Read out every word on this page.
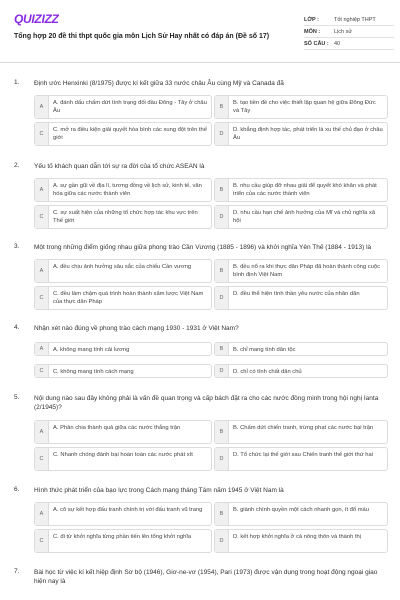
QUIZIZZ
Tổng hợp 20 đề thi thpt quốc gia môn Lịch Sử Hay nhất có đáp án (Đề số 17)
LỚP :	Tốt nghiệp THPT
MÔN :	Lịch sử
SỐ CÂU : 40
1. Định ước Henxinki (8/1975) được kí kết giữa 33 nước châu Âu cùng Mỹ và Canada đã
A
A. đánh dấu chấm dứt tình trạng đối đầu Đông - Tây ở châu Âu
B
B. tạo tiền đề cho việc thiết lập quan hệ giữa Đông Đức và Tây
C
C. mở ra điều kiện giải quyết hòa bình các xung đột trên thế giới
D
D. khẳng định hợp tác, phát triển là xu thế chủ đạo ở châu Âu
2. Yếu tố khách quan dẫn tới sự ra đời của tổ chức ASEAN là
A
A. sự gần gũi về địa lí, tương đồng về lịch sử, kinh tế, văn hóa giữa các nước thành viên
B
B. nhu cầu giúp đỡ nhau giải để quyết khó khăn và phát triển của các nước thành viên
C
C. sự xuất hiện của những tổ chức hợp tác khu vực trên Thế giới
D
D. nhu cầu hạn chế ảnh hưởng của Mĩ và chủ nghĩa xã hội
3. Một trong những điểm giống nhau giữa phong trào Cần Vương (1885 - 1896) và khởi nghĩa Yên Thế (1884 - 1913) là
A
A. đều chịu ảnh hưởng sâu sắc của chiếu Cần vương
B
B. đều nổ ra khi thực dân Pháp đã hoàn thành công cuộc bình định Việt Nam
C
C. đều làm chậm quá trình hoàn thành xâm lược Việt Nam của thực dân Pháp
D
D. đều thể hiện tính thần yêu nước của nhân dân
4. Nhận xét nào đúng về phong trào cách mạng 1930 - 1931 ở Việt Nam?
A	A. không mang tính cải lương	B	B. chỉ mang tính dân tộc
C	C. không mang tính cách mạng	D	D. chỉ có tính chất dân chủ
5. Nội dung nào sau đây không phải là vấn đề quan trọng và cấp bách đặt ra cho các nước đồng minh trong hội nghị Ianta (2/1945)?
A
A. Phân chia thành quả giữa các nước thắng trận
B
B. Chấm dứt chiến tranh, trừng phạt các nước bại trận
C
C. Nhanh chóng đánh bại hoàn toàn các nước phát xít
D
D. Tổ chức lại thế giới sau Chiến tranh thế giới thứ hai
6. Hình thức phát triển của bạo lực trong Cách mạng tháng Tám năm 1945 ở Việt Nam là
A
A. cô sự kết hợp đấu tranh chính trị với đấu tranh vũ trang
B
B. giành chính quyền một cách nhanh gọn, ít đổ máu
C
C. đi từ khởi nghĩa từng phần tiến lên tổng khởi nghĩa
D
D. kết hợp khởi nghĩa ở cả nông thôn và thành thị
7. Bài học từ việc kí kết hiệp định Sơ bộ (1946), Giơ-ne-vơ (1954), Pari (1973) được vận dụng trong hoạt động ngoại giao hiện nay là
